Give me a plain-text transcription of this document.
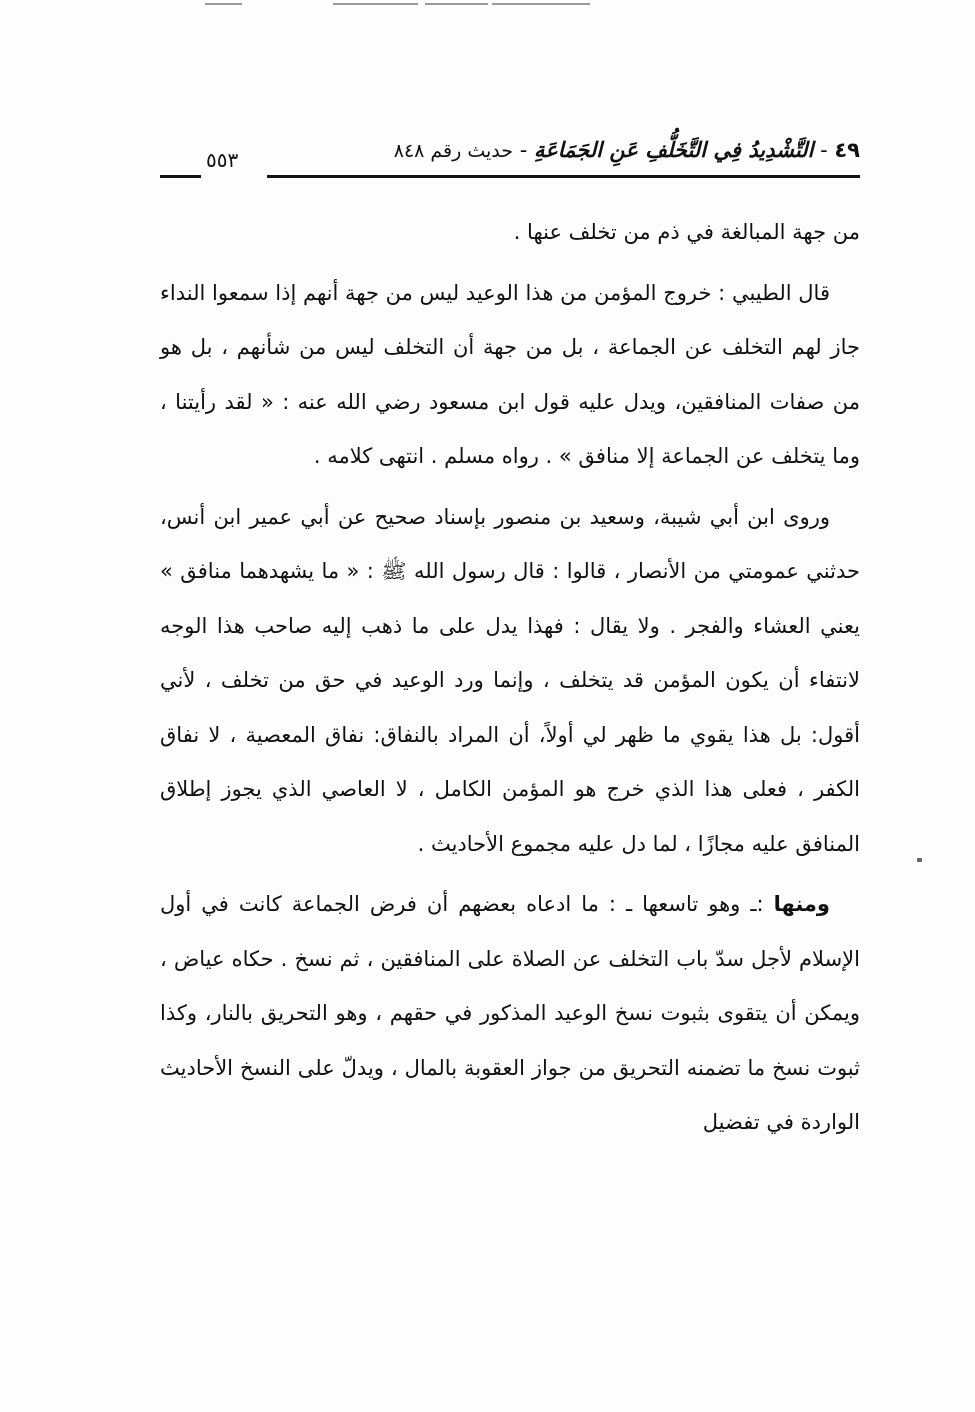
٤٩ - التَّشْدِيدُ فِي التَّخَلُّفِ عَنِ الجَمَاعَةِ - حديث رقم ٨٤٨
٥٥٣

من جهة المبالغة في ذم من تخلف عنها .

قال الطيبي : خروج المؤمن من هذا الوعيد ليس من جهة أنهم إذا سمعوا النداء جاز لهم التخلف عن الجماعة ، بل من جهة أن التخلف ليس من شأنهم ، بل هو من صفات المنافقين، ويدل عليه قول ابن مسعود رضي الله عنه : « لقد رأيتنا ، وما يتخلف عن الجماعة إلا منافق » . رواه مسلم . انتهى كلامه .

وروى ابن أبي شيبة، وسعيد بن منصور بإسناد صحيح عن أبي عمير ابن أنس، حدثني عمومتي من الأنصار ، قالوا : قال رسول الله ﷺ : « ما يشهدهما منافق » يعني العشاء والفجر . ولا يقال : فهذا يدل على ما ذهب إليه صاحب هذا الوجه لانتفاء أن يكون المؤمن قد يتخلف ، وإنما ورد الوعيد في حق من تخلف ، لأني أقول: بل هذا يقوي ما ظهر لي أولاً، أن المراد بالنفاق: نفاق المعصية ، لا نفاق الكفر ، فعلى هذا الذي خرج هو المؤمن الكامل ، لا العاصي الذي يجوز إطلاق المنافق عليه مجازًا ، لما دل عليه مجموع الأحاديث .

ومنها :ـ وهو تاسعها ـ : ما ادعاه بعضهم أن فرض الجماعة كانت في أول الإسلام لأجل سدّ باب التخلف عن الصلاة على المنافقين ، ثم نسخ . حكاه عياض ، ويمكن أن يتقوى بثبوت نسخ الوعيد المذكور في حقهم ، وهو التحريق بالنار، وكذا ثبوت نسخ ما تضمنه التحريق من جواز العقوبة بالمال ، ويدلّ على النسخ الأحاديث الواردة في تفضيل
